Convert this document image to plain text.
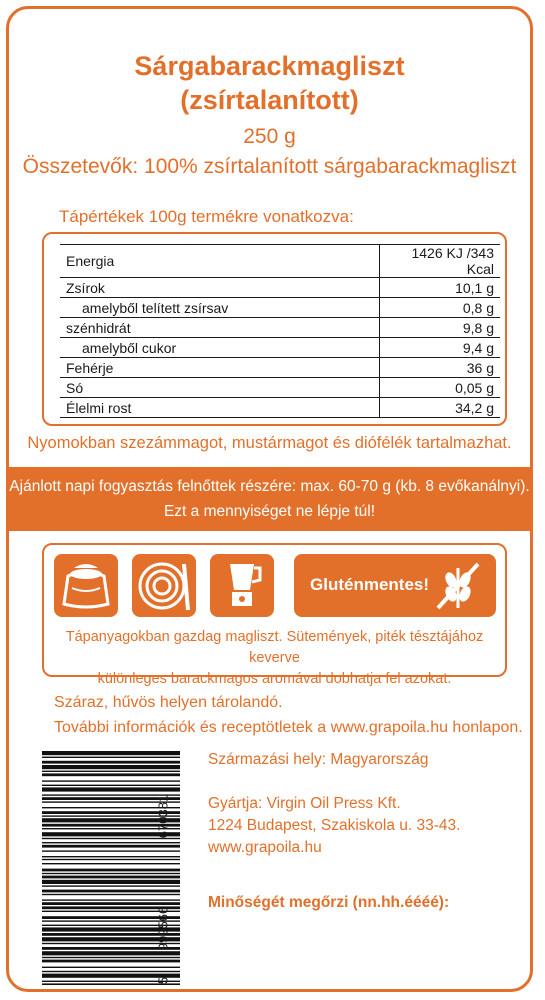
Sárgabarackmagliszt
(zsírtalanított)
250 g
Összetevők: 100% zsírtalanított sárgabarackmagliszt
Tápértékek 100g termékre vonatkozva:
Energia	1426 KJ /343 Kcal
Zsírok	10,1 g
amelyből telített zsírsav	0,8 g
szénhidrát	9,8 g
amelyből cukor	9,4 g
Fehérje	36 g
Só	0,05 g
Élelmi rost	34,2 g
Nyomokban szezámmagot, mustármagot és diófélék tartalmazhat.
Ajánlott napi fogyasztás felnőttek részére: max. 60-70 g (kb. 8 evőkanálnyi).
Ezt a mennyiséget ne lépje túl!
Gluténmentes!
Tápanyagokban gazdag magliszt. Sütemények, piték tésztájához keverve
különleges barackmagos aromával dobhatja fel azokat.
Száraz, hűvös helyen tárolandó.
További információk és receptötletek a www.grapoila.hu honlapon.
999566
670381
5
Származási hely: Magyarország
Gyártja: Virgin Oil Press Kft.
1224 Budapest, Szakiskola u. 33-43.
www.grapoila.hu
Minőségét megőrzi (nn.hh.éééé):
